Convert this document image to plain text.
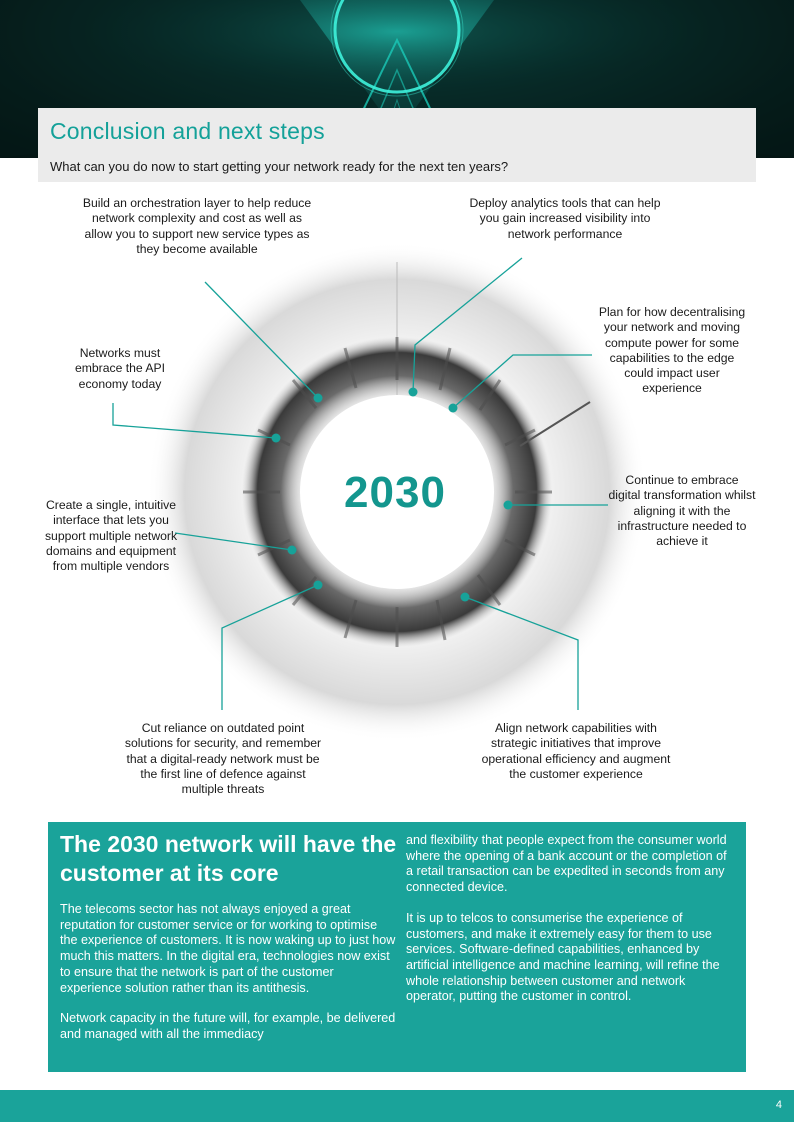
Conclusion and next steps
What can you do now to start getting your network ready for the next ten years?
2030
Build an orchestration layer to help reduce network complexity and cost as well as allow you to support new service types as they become available
Deploy analytics tools that can help you gain increased visibility into network performance
Networks must embrace the API economy today
Plan for how decentralising your network and moving compute power for some capabilities to the edge could impact user experience
Create a single, intuitive interface that lets you support multiple network domains and equipment from multiple vendors
Continue to embrace digital transformation whilst aligning it with the infrastructure needed to achieve it
Cut reliance on outdated point solutions for security, and remember that a digital-ready network must be the first line of defence against multiple threats
Align network capabilities with strategic initiatives that improve operational efficiency and augment the customer experience
The 2030 network will have the customer at its core

The telecoms sector has not always enjoyed a great reputation for customer service or for working to optimise the experience of customers. It is now waking up to just how much this matters. In the digital era, technologies now exist to ensure that the network is part of the customer experience solution rather than its antithesis.

Network capacity in the future will, for example, be delivered and managed with all the immediacy

and flexibility that people expect from the consumer world where the opening of a bank account or the completion of a retail transaction can be expedited in seconds from any connected device.

It is up to telcos to consumerise the experience of customers, and make it extremely easy for them to use services. Software-defined capabilities, enhanced by artificial intelligence and machine learning, will refine the whole relationship between customer and network operator, putting the customer in control.

4
